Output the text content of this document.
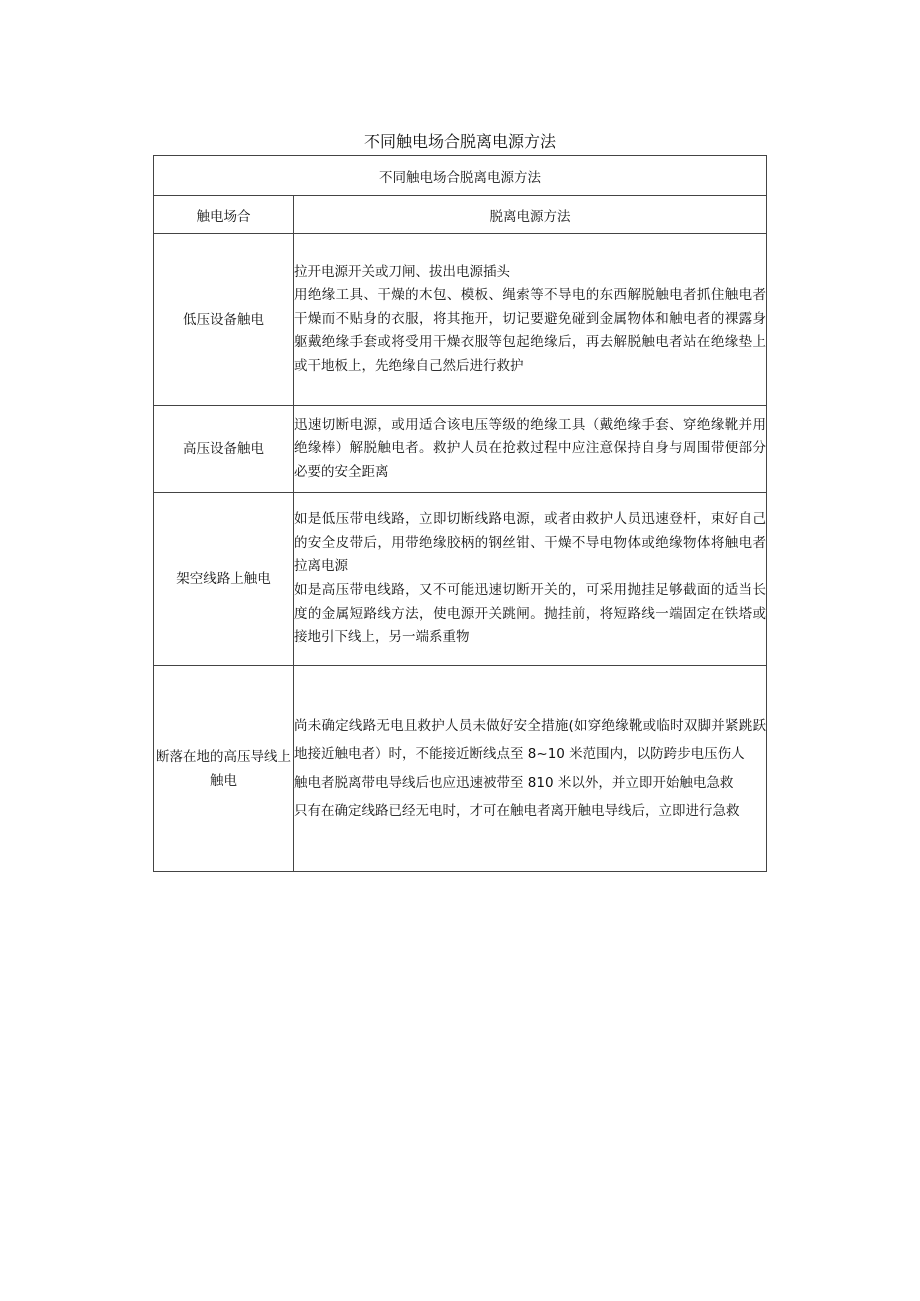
不同触电场合脱离电源方法
不同触电场合脱离电源方法	
触电场合	脱离电源方法
低压设备触电	拉开电源开关或刀闸、拔出电源插头
用绝缘工具、干燥的木包、模板、绳索等不导电的东西解脱触电者抓住触电者干燥而不贴身的衣服，将其拖开，切记要避免碰到金属物体和触电者的裸露身躯戴绝缘手套或将受用干燥衣服等包起绝缘后，再去解脱触电者站在绝缘垫上或干地板上，先绝缘自己然后进行救护

高压设备触电	迅速切断电源，或用适合该电压等级的绝缘工具（戴绝缘手套、穿绝缘靴并用绝缘棒）解脱触电者。救护人员在抢救过程中应注意保持自身与周围带便部分必要的安全距离

架空线路上触电	如是低压带电线路，立即切断线路电源，或者由救护人员迅速登杆，束好自己的安全皮带后，用带绝缘胶柄的钢丝钳、干燥不导电物体或绝缘物体将触电者拉离电源
如是高压带电线路，又不可能迅速切断开关的，可采用抛挂足够截面的适当长度的金属短路线方法，使电源开关跳闸。抛挂前，将短路线一端固定在铁塔或接地引下线上，另一端系重物

断落在地的高压导线上触电	尚未确定线路无电且救护人员未做好安全措施(如穿绝缘靴或临时双脚并紧跳跃地接近触电者）时，不能接近断线点至 8~10 米范围内，以防跨步电压伤人
触电者脱离带电导线后也应迅速被带至 810 米以外，并立即开始触电急救
只有在确定线路已经无电时，才可在触电者离开触电导线后，立即进行急救
